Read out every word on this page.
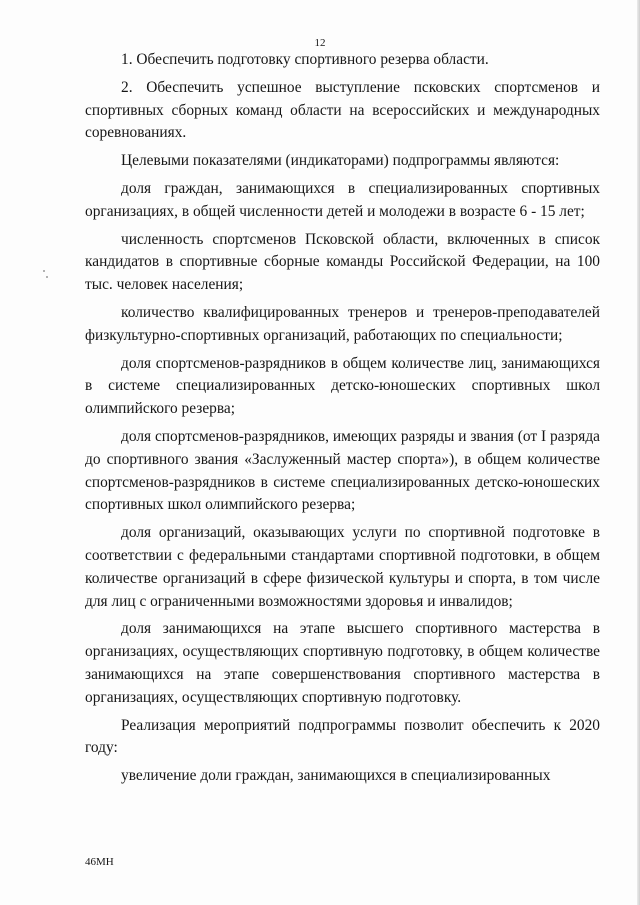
12

1. Обеспечить подготовку спортивного резерва области.

2. Обеспечить успешное выступление псковских спортсменов и спортивных сборных команд области на всероссийских и международных соревнованиях.

Целевыми показателями (индикаторами) подпрограммы являются:

доля граждан, занимающихся в специализированных спортивных организациях, в общей численности детей и молодежи в возрасте 6 - 15 лет;

численность спортсменов Псковской области, включенных в список кандидатов в спортивные сборные команды Российской Федерации, на 100 тыс. человек населения;

количество квалифицированных тренеров и тренеров-преподавателей физкультурно-спортивных организаций, работающих по специальности;

доля спортсменов-разрядников в общем количестве лиц, занимающихся в системе специализированных детско-юношеских спортивных школ олимпийского резерва;

доля спортсменов-разрядников, имеющих разряды и звания (от I разряда до спортивного звания «Заслуженный мастер спорта»), в общем количестве спортсменов-разрядников в системе специализированных детско-юношеских спортивных школ олимпийского резерва;

доля организаций, оказывающих услуги по спортивной подготовке в соответствии с федеральными стандартами спортивной подготовки, в общем количестве организаций в сфере физической культуры и спорта, в том числе для лиц с ограниченными возможностями здоровья и инвалидов;

доля занимающихся на этапе высшего спортивного мастерства в организациях, осуществляющих спортивную подготовку, в общем количестве занимающихся на этапе совершенствования спортивного мастерства в организациях, осуществляющих спортивную подготовку.

Реализация мероприятий подпрограммы позволит обеспечить к 2020 году:

увеличение доли граждан, занимающихся в специализированных

46МН
